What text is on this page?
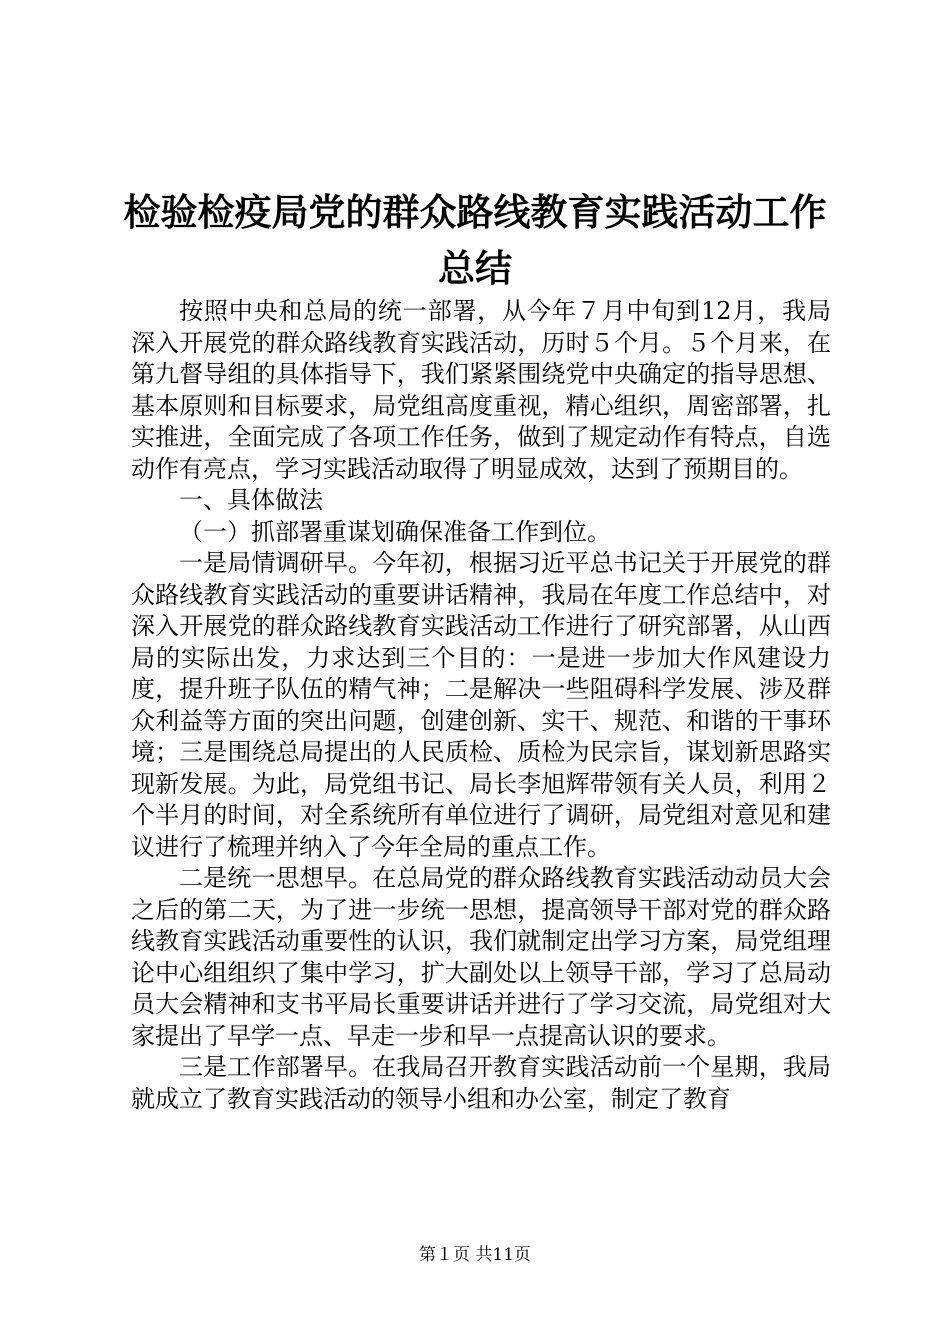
检验检疫局党的群众路线教育实践活动工作总结

按照中央和总局的统一部署，从今年７月中旬到12月，我局深入开展党的群众路线教育实践活动，历时５个月。５个月来，在第九督导组的具体指导下，我们紧紧围绕党中央确定的指导思想、基本原则和目标要求，局党组高度重视，精心组织，周密部署，扎实推进，全面完成了各项工作任务，做到了规定动作有特点，自选动作有亮点，学习实践活动取得了明显成效，达到了预期目的。

一、具体做法

（一）抓部署重谋划确保准备工作到位。

一是局情调研早。今年初，根据习近平总书记关于开展党的群众路线教育实践活动的重要讲话精神，我局在年度工作总结中，对深入开展党的群众路线教育实践活动工作进行了研究部署，从山西局的实际出发，力求达到三个目的：一是进一步加大作风建设力度，提升班子队伍的精气神；二是解决一些阻碍科学发展、涉及群众利益等方面的突出问题，创建创新、实干、规范、和谐的干事环境；三是围绕总局提出的人民质检、质检为民宗旨，谋划新思路实现新发展。为此，局党组书记、局长李旭辉带领有关人员，利用２个半月的时间，对全系统所有单位进行了调研，局党组对意见和建议进行了梳理并纳入了今年全局的重点工作。

二是统一思想早。在总局党的群众路线教育实践活动动员大会之后的第二天，为了进一步统一思想，提高领导干部对党的群众路线教育实践活动重要性的认识，我们就制定出学习方案，局党组理论中心组组织了集中学习，扩大副处以上领导干部，学习了总局动员大会精神和支书平局长重要讲话并进行了学习交流，局党组对大家提出了早学一点、早走一步和早一点提高认识的要求。

三是工作部署早。在我局召开教育实践活动前一个星期，我局就成立了教育实践活动的领导小组和办公室，制定了教育

第１页 共11页
